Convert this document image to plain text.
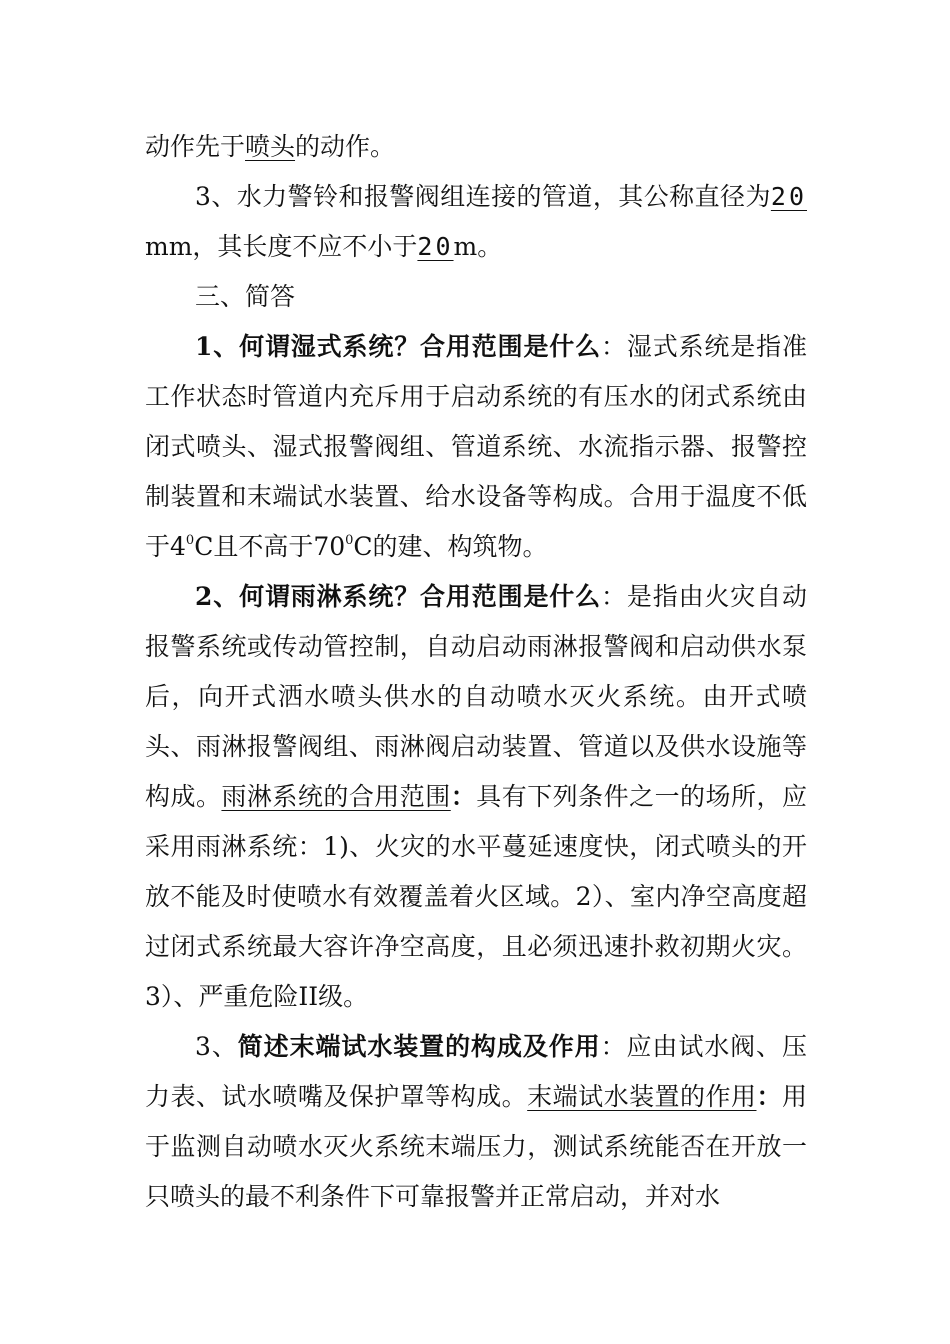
动作先于喷头的动作。

3、水力警铃和报警阀组连接的管道，其公称直径为20 mm，其长度不应不小于20m。

三、简答

1、何谓湿式系统？合用范围是什么：湿式系统是指准工作状态时管道内充斥用于启动系统的有压水的闭式系统由闭式喷头、湿式报警阀组、管道系统、水流指示器、报警控制装置和末端试水装置、给水设备等构成。合用于温度不低于$4^0C$且不高于$70^0C$的建、构筑物。

2、何谓雨淋系统？合用范围是什么：是指由火灾自动报警系统或传动管控制，自动启动雨淋报警阀和启动供水泵后，向开式洒水喷头供水的自动喷水灭火系统。由开式喷头、雨淋报警阀组、雨淋阀启动装置、管道以及供水设施等构成。雨淋系统的合用范围：具有下列条件之一的场所，应采用雨淋系统：1)、火灾的水平蔓延速度快，闭式喷头的开放不能及时使喷水有效覆盖着火区域。2）、室内净空高度超过闭式系统最大容许净空高度，且必须迅速扑救初期火灾。3）、严重危险II级。

3、简述末端试水装置的构成及作用：应由试水阀、压力表、试水喷嘴及保护罩等构成。末端试水装置的作用：用于监测自动喷水灭火系统末端压力，测试系统能否在开放一只喷头的最不利条件下可靠报警并正常启动，并对水
